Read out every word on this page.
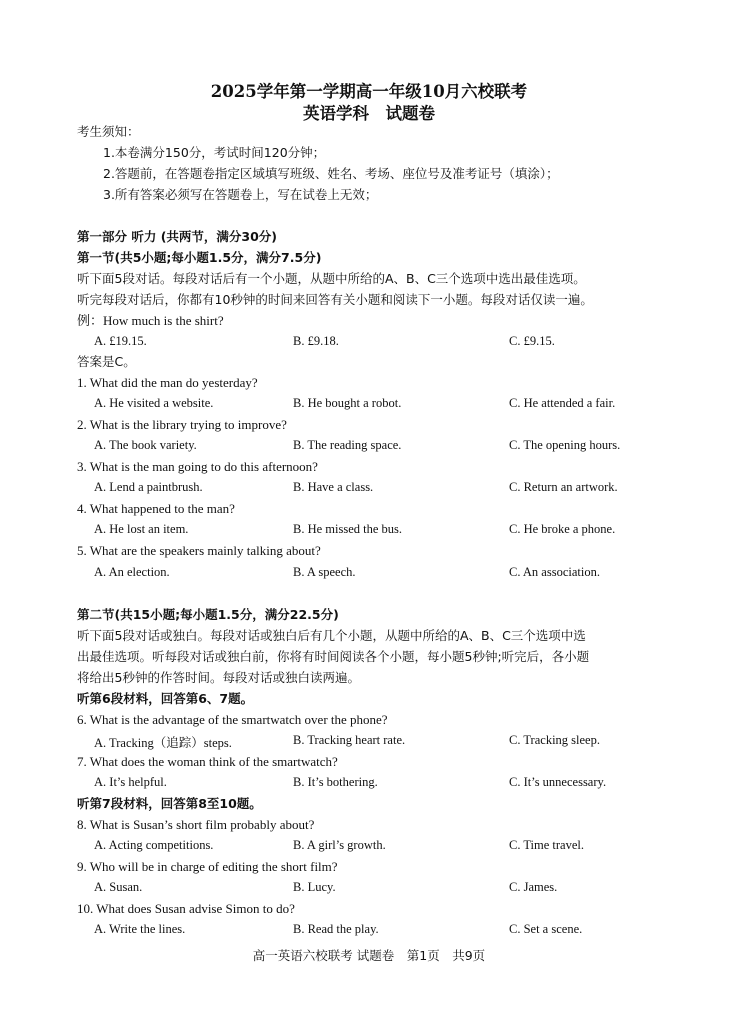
2025学年第一学期高一年级10月六校联考
英语学科　试题卷
考生须知：
1.本卷满分150分，考试时间120分钟；
2.答题前，在答题卷指定区域填写班级、姓名、考场、座位号及准考证号（填涂）；
3.所有答案必须写在答题卷上，写在试卷上无效；
第一部分 听力 (共两节，满分30分)
第一节(共5小题;每小题1.5分，满分7.5分)
听下面5段对话。每段对话后有一个小题，从题中所给的A、B、C三个选项中选出最佳选项。
听完每段对话后，你都有10秒钟的时间来回答有关小题和阅读下一小题。每段对话仅读一遍。
例：How much is the shirt?
A. £19.15.	B. £9.18.	C. £9.15.
答案是C。
1. What did the man do yesterday?
A. He visited a website.	B. He bought a robot.	C. He attended a fair.
2. What is the library trying to improve?
A. The book variety.	B. The reading space.	C. The opening hours.
3. What is the man going to do this afternoon?
A. Lend a paintbrush.	B. Have a class.	C. Return an artwork.
4. What happened to the man?
A. He lost an item.	B. He missed the bus.	C. He broke a phone.
5. What are the speakers mainly talking about?
A. An election.	B. A speech.	C. An association.
第二节(共15小题;每小题1.5分，满分22.5分)
听下面5段对话或独白。每段对话或独白后有几个小题，从题中所给的A、B、C三个选项中选
出最佳选项。听每段对话或独白前，你将有时间阅读各个小题，每小题5秒钟;听完后，各小题
将给出5秒钟的作答时间。每段对话或独白读两遍。
听第6段材料，回答第6、7题。
6. What is the advantage of the smartwatch over the phone?
A. Tracking（追踪）steps.	B. Tracking heart rate.	C. Tracking sleep.
7. What does the woman think of the smartwatch?
A. It’s helpful.	B. It’s bothering.	C. It’s unnecessary.
听第7段材料，回答第8至10题。
8. What is Susan’s short film probably about?
A. Acting competitions.	B. A girl’s growth.	C. Time travel.
9. Who will be in charge of editing the short film?
A. Susan.	B. Lucy.	C. James.
10. What does Susan advise Simon to do?
A. Write the lines.	B. Read the play.	C. Set a scene.
高一英语六校联考 试题卷　第1页　共9页
